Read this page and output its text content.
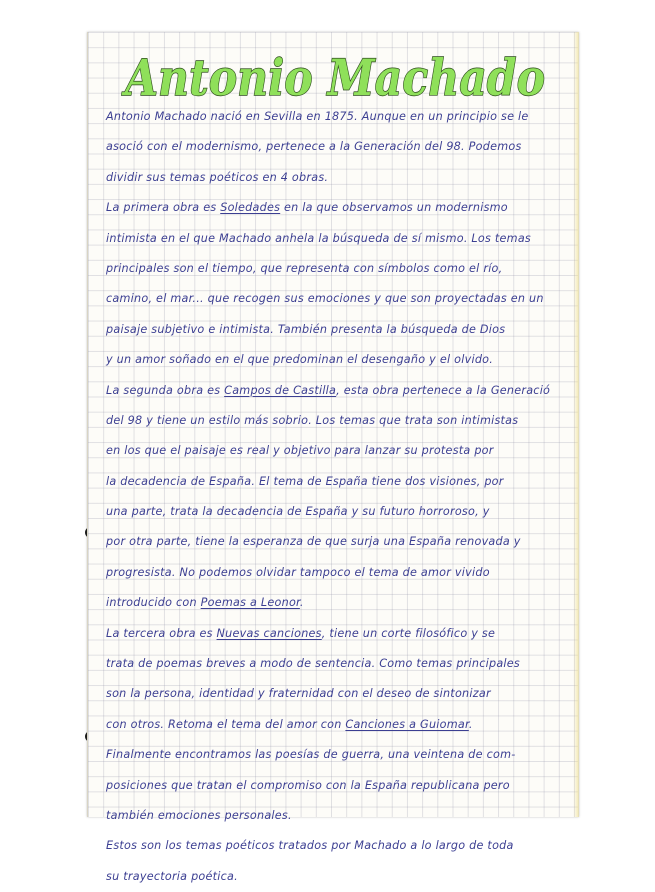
Antonio Machado
Antonio Machado nació en Sevilla en 1875. Aunque en un principio se le
asoció con el modernismo, pertenece a la Generación del 98. Podemos
dividir sus temas poéticos en 4 obras.
La primera obra es Soledades en la que observamos un modernismo
intimista en el que Machado anhela la búsqueda de sí mismo. Los temas
principales son el tiempo, que representa con símbolos como el río,
camino, el mar... que recogen sus emociones y que son proyectadas en un
paisaje subjetivo e intimista. También presenta la búsqueda de Dios
y un amor soñado en el que predominan el desengaño y el olvido.
La segunda obra es Campos de Castilla, esta obra pertenece a la Generació
del 98 y tiene un estilo más sobrio. Los temas que trata son intimistas
en los que el paisaje es real y objetivo para lanzar su protesta por
la decadencia de España. El tema de España tiene dos visiones, por
una parte, trata la decadencia de España y su futuro horroroso, y
por otra parte, tiene la esperanza de que surja una España renovada y
progresista. No podemos olvidar tampoco el tema de amor vivido
introducido con Poemas a Leonor.
La tercera obra es Nuevas canciones, tiene un corte filosófico y se
trata de poemas breves a modo de sentencia. Como temas principales
son la persona, identidad y fraternidad con el deseo de sintonizar
con otros. Retoma el tema del amor con Canciones a Guiomar.
Finalmente encontramos las poesías de guerra, una veintena de com-
posiciones que tratan el compromiso con la España republicana pero
también emociones personales.
Estos son los temas poéticos tratados por Machado a lo largo de toda
su trayectoria poética.
